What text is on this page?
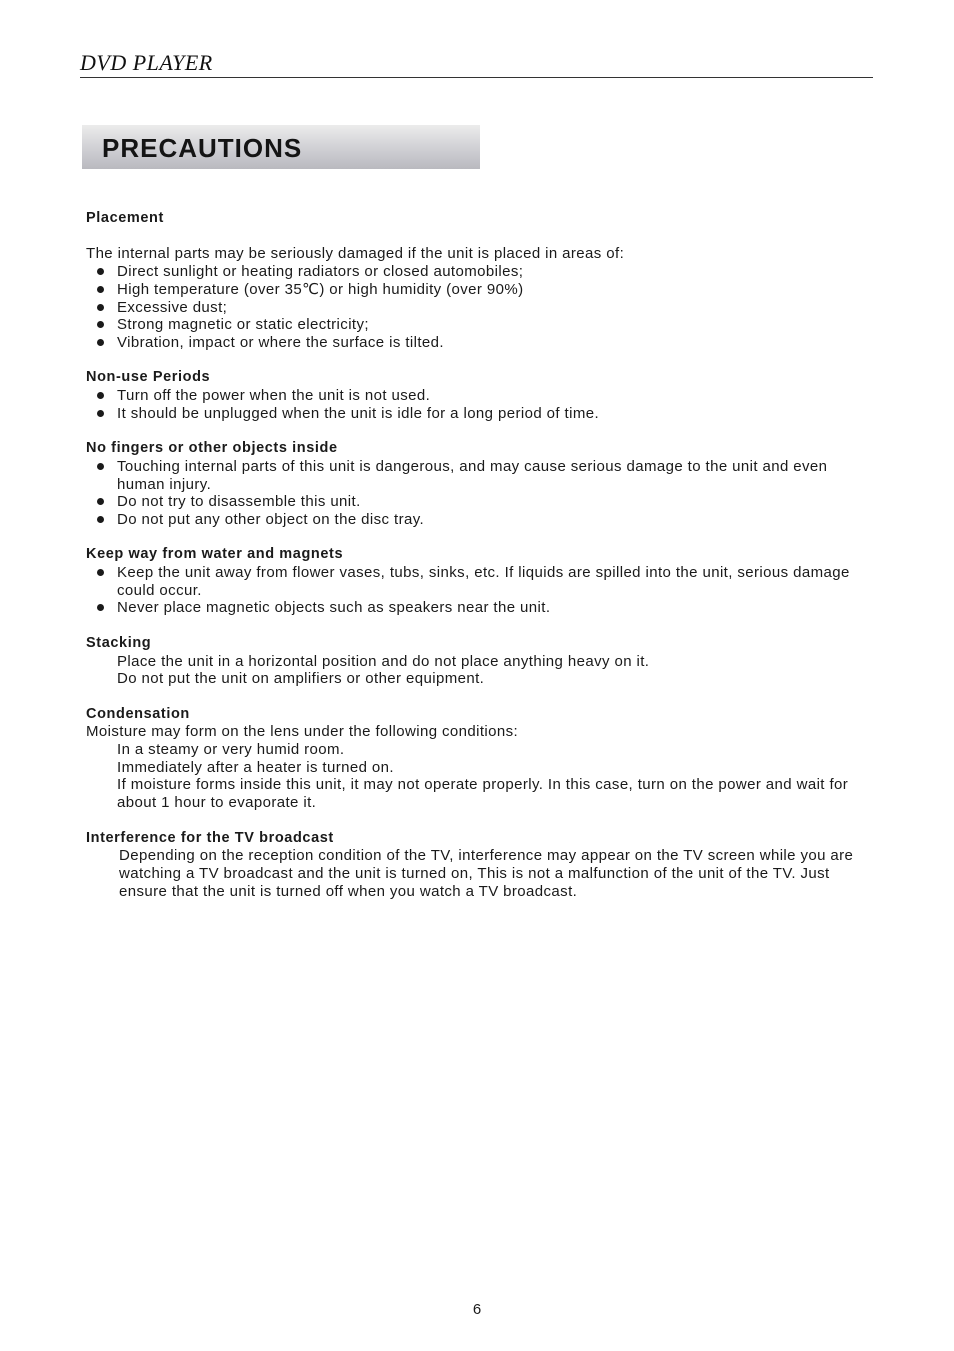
DVD PLAYER
PRECAUTIONS
Placement
The internal parts may be seriously damaged if the unit is placed in areas of:
Direct sunlight or heating radiators or closed automobiles;
High temperature (over 35℃) or high humidity (over 90%)
Excessive dust;
Strong magnetic or static electricity;
Vibration, impact or where the surface is tilted.
Non-use Periods
Turn off the power when the unit is not used.
It should be unplugged when the unit is idle for a long period of time.
No fingers or other objects inside
Touching internal parts of this unit is dangerous, and may cause serious damage to the unit and even human injury.
Do not try to disassemble this unit.
Do not put any other object on the disc tray.
Keep way from water and magnets
Keep the unit away from flower vases, tubs, sinks, etc. If liquids are spilled into the unit, serious damage could occur.
Never place magnetic objects such as speakers near the unit.
Stacking
Place the unit in a horizontal position and do not place anything heavy on it.
Do not put the unit on amplifiers or other equipment.
Condensation
Moisture may form on the lens under the following conditions:
In a steamy or very humid room.
Immediately after a heater is turned on.
If moisture forms inside this unit, it may not operate properly. In this case, turn on the power and wait for about 1 hour to evaporate it.
Interference for the TV broadcast
Depending on the reception condition of the TV, interference may appear on the TV screen while you are watching a TV broadcast and the unit is turned on, This is not a malfunction of the unit of the TV. Just ensure that the unit is turned off when you watch a TV broadcast.
6
